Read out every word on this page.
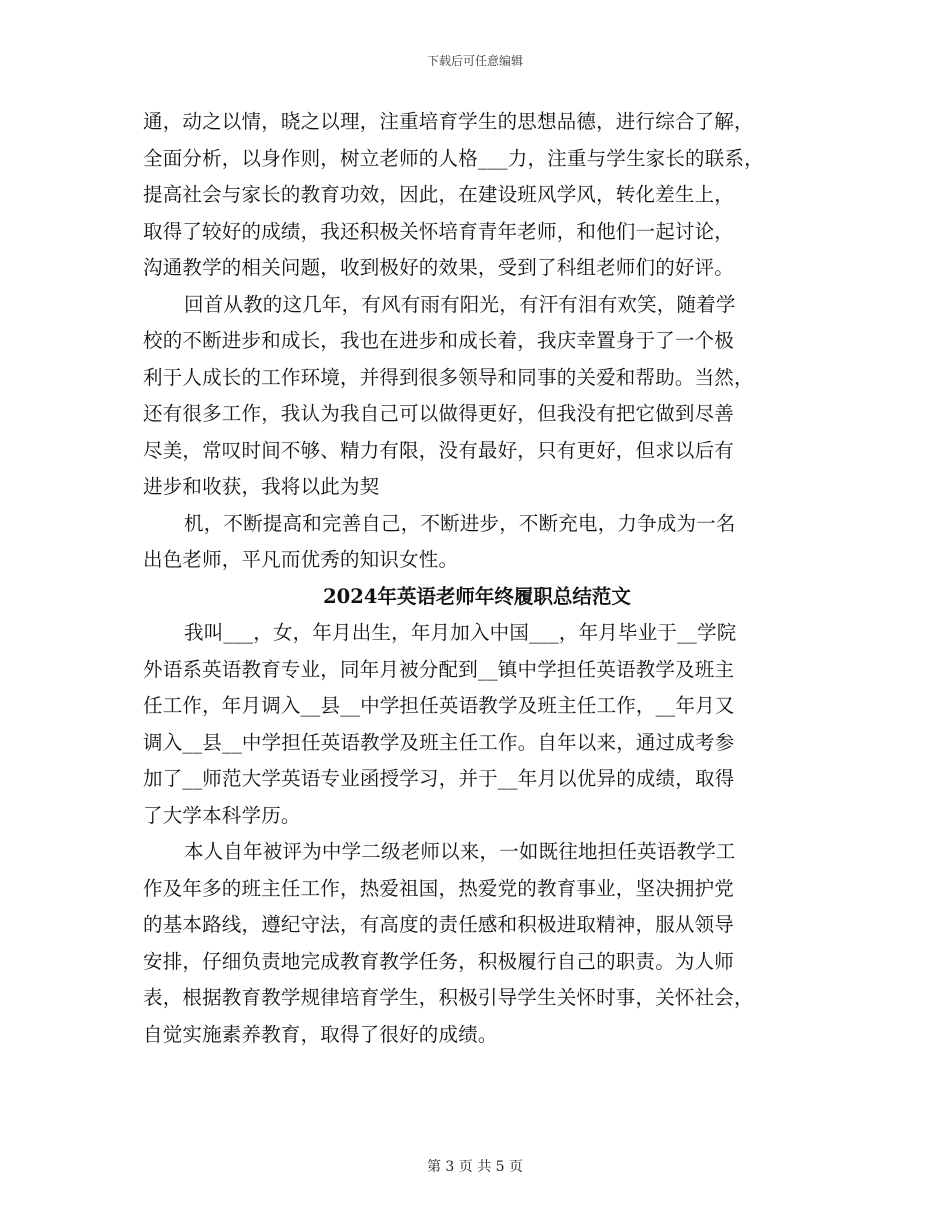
下载后可任意编辑
通，动之以情，晓之以理，注重培育学生的思想品德，进行综合了解，
全面分析，以身作则，树立老师的人格___力，注重与学生家长的联系，
提高社会与家长的教育功效，因此，在建设班风学风，转化差生上，
取得了较好的成绩，我还积极关怀培育青年老师，和他们一起讨论，
沟通教学的相关问题，收到极好的效果，受到了科组老师们的好评。
回首从教的这几年，有风有雨有阳光，有汗有泪有欢笑，随着学
校的不断进步和成长，我也在进步和成长着，我庆幸置身于了一个极
利于人成长的工作环境，并得到很多领导和同事的关爱和帮助。当然，
还有很多工作，我认为我自己可以做得更好，但我没有把它做到尽善
尽美，常叹时间不够、精力有限，没有最好，只有更好，但求以后有
进步和收获，我将以此为契
机，不断提高和完善自己，不断进步，不断充电，力争成为一名
出色老师，平凡而优秀的知识女性。
2024年英语老师年终履职总结范文
我叫___，女，年月出生，年月加入中国___，年月毕业于__学院
外语系英语教育专业，同年月被分配到__镇中学担任英语教学及班主
任工作，年月调入__县__中学担任英语教学及班主任工作，__年月又
调入__县__中学担任英语教学及班主任工作。自年以来，通过成考参
加了__师范大学英语专业函授学习，并于__年月以优异的成绩，取得
了大学本科学历。
本人自年被评为中学二级老师以来，一如既往地担任英语教学工
作及年多的班主任工作，热爱祖国，热爱党的教育事业，坚决拥护党
的基本路线，遵纪守法，有高度的责任感和积极进取精神，服从领导
安排，仔细负责地完成教育教学任务，积极履行自己的职责。为人师
表，根据教育教学规律培育学生，积极引导学生关怀时事，关怀社会，
自觉实施素养教育，取得了很好的成绩。
第 3 页 共 5 页
